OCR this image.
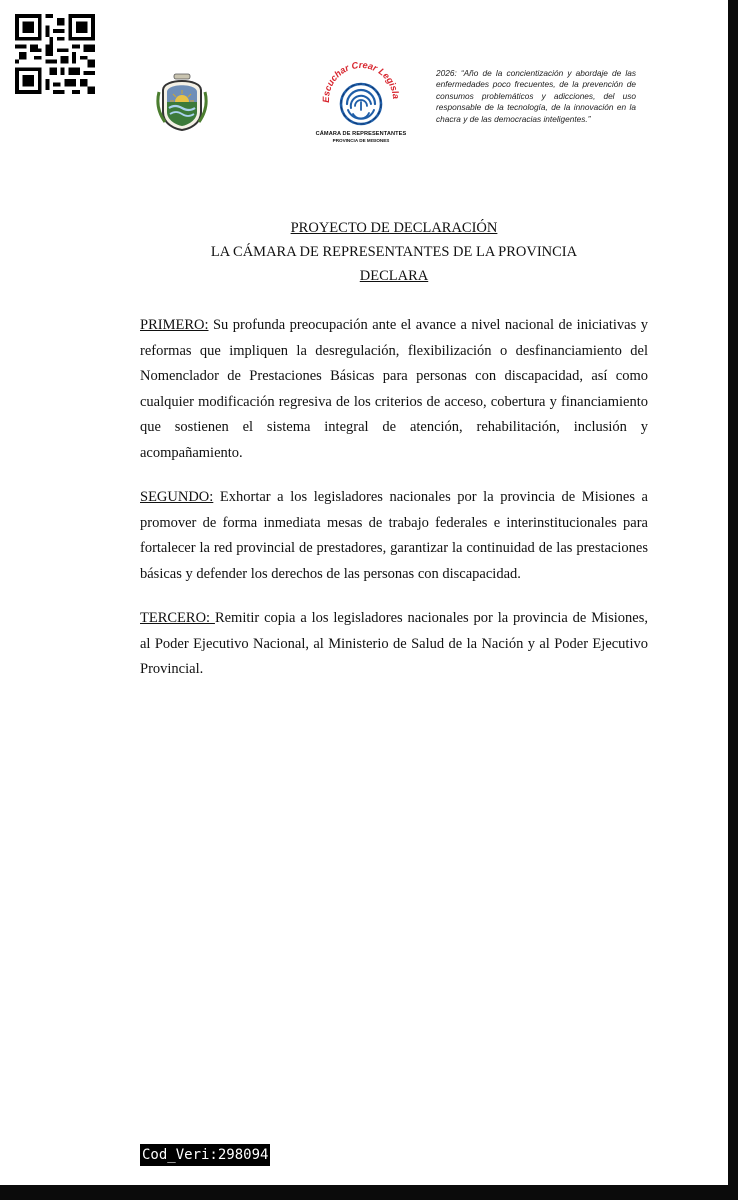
Escuchar Crear Legisla
CÁMARA DE REPRESENTANTES
PROVINCIA DE MISIONES
2026: “Año de la concientización y abordaje de las enfermedades poco frecuentes, de la prevención de consumos problemáticos y adicciones, del uso responsable de la tecnología, de la innovación en la chacra y de las democracias inteligentes.”
PROYECTO DE DECLARACIÓN
LA CÁMARA DE REPRESENTANTES DE LA PROVINCIA
DECLARA

PRIMERO: Su profunda preocupación ante el avance a nivel nacional de iniciativas y reformas que impliquen la desregulación, flexibilización o desfinanciamiento del Nomenclador de Prestaciones Básicas para personas con discapacidad, así como cualquier modificación regresiva de los criterios de acceso, cobertura y financiamiento que sostienen el sistema integral de atención, rehabilitación, inclusión y acompañamiento.

SEGUNDO: Exhortar a los legisladores nacionales por la provincia de Misiones a promover de forma inmediata mesas de trabajo federales e interinstitucionales para fortalecer la red provincial de prestadores, garantizar la continuidad de las prestaciones básicas y defender los derechos de las personas con discapacidad.

TERCERO: Remitir copia a los legisladores nacionales por la provincia de Misiones, al Poder Ejecutivo Nacional, al Ministerio de Salud de la Nación y al Poder Ejecutivo Provincial.

Cod_Veri:298094
